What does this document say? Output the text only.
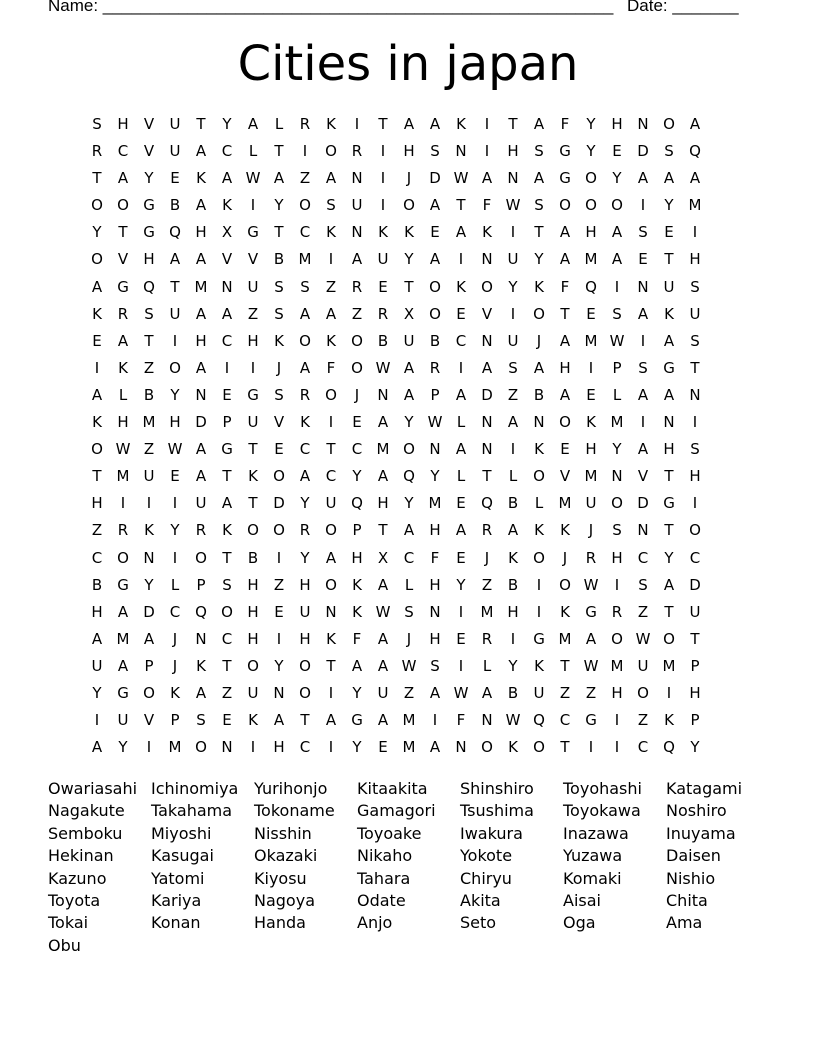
Name: ______________________________________________________ Date: _______
Cities in japan
S	H	V	U	T	Y	A	L	R	K	I	T	A	A	K	I	T	A	F	Y	H N O A
R	C	V	U	A	C	L	T	I	O R	I	H	S	N	I	H	S	G	Y	E	D	S	Q
T	A	Y	E	K	A W A	Z	A	N	I	J	D W A	N	A	G O	Y	A	A	A
O O G	B	A	K	I	Y	O	S	U	I	O A	T	F W S	O O O	I	Y M
Y	T	G Q H	X	G	T	C	K	N	K	K	E	A	K	I	T	A	H	A	S	E	I
O V	H	A	A	V	V	B M	I	A	U	Y	A	I	N U	Y	A M A	E	T	H
A	G Q	T M N U	S	S	Z	R	E	T	O	K	O	Y	K	F	Q	I	N U	S
K	R	S	U	A	A	Z	S	A	A	Z	R	X O	E	V	I	O	T	E	S	A	K	U
E	A	T	I	H	C	H	K	O	K	O B	U	B	C	N U	J	A M W	I	A	S
I	K	Z O A	I	I	J	A	F	O W A	R	I	A	S	A	H	I	P	S	G	T
A	L	B	Y	N	E	G	S	R O	J	N	A	P	A	D	Z	B	A	E	L	A	A	N
K	H M H D	P	U	V	K	I	E	A	Y W L	N	A	N O	K M	I	N	I
O W Z W A	G	T	E	C	T	C M O N	A	N	I	K	E	H	Y	A	H	S
T M U	E	A	T	K	O A	C	Y	A Q	Y	L	T	L	O V M N	V	T	H
H	I	I	I	U	A	T	D	Y	U Q H	Y M E	Q B	L	M U O D G	I
Z	R	K	Y	R	K	O O R O	P	T	A	H	A	R	A	K	K	J	S	N	T	O
C O N	I	O	T	B	I	Y	A	H	X	C	F	E	J	K	O	J	R	H	C	Y	C
B	G	Y	L	P	S	H	Z	H O	K	A	L	H	Y	Z	B	I	O W	I	S	A	D
H	A	D C Q O H	E	U N	K W S	N	I	M H	I	K	G R	Z	T	U
A M A	J	N	C	H	I	H	K	F	A	J	H	E	R	I	G M A O W O	T
U	A	P	J	K	T	O	Y	O	T	A	A W S	I	L	Y	K	T W M U M	P
Y	G O	K	A	Z	U N O	I	Y	U	Z	A W A	B	U	Z	Z	H O	I	H
I	U	V	P	S	E	K	A	T	A	G	A M	I	F	N W Q C G	I	Z	K	P
A	Y	I	M O N	I	H	C	I	Y	E M A	N O	K	O	T	I	I	C Q	Y
Owariasahi Ichinomiya Yurihonjo	Kitaakita	Shinshiro	Toyohashi	Katagami
Nagakute	Takahama	Tokoname	Gamagori	Tsushima	Toyokawa	Noshiro
Semboku	Miyoshi	Nisshin	Toyoake	Iwakura	Inazawa	Inuyama
Hekinan	Kasugai	Okazaki	Nikaho	Yokote	Yuzawa	Daisen
Kazuno	Yatomi	Kiyosu	Tahara	Chiryu	Komaki	Nishio
Toyota	Kariya	Nagoya	Odate	Akita	Aisai	Chita
Tokai	Konan	Handa	Anjo	Seto	Oga	Ama
Obu
